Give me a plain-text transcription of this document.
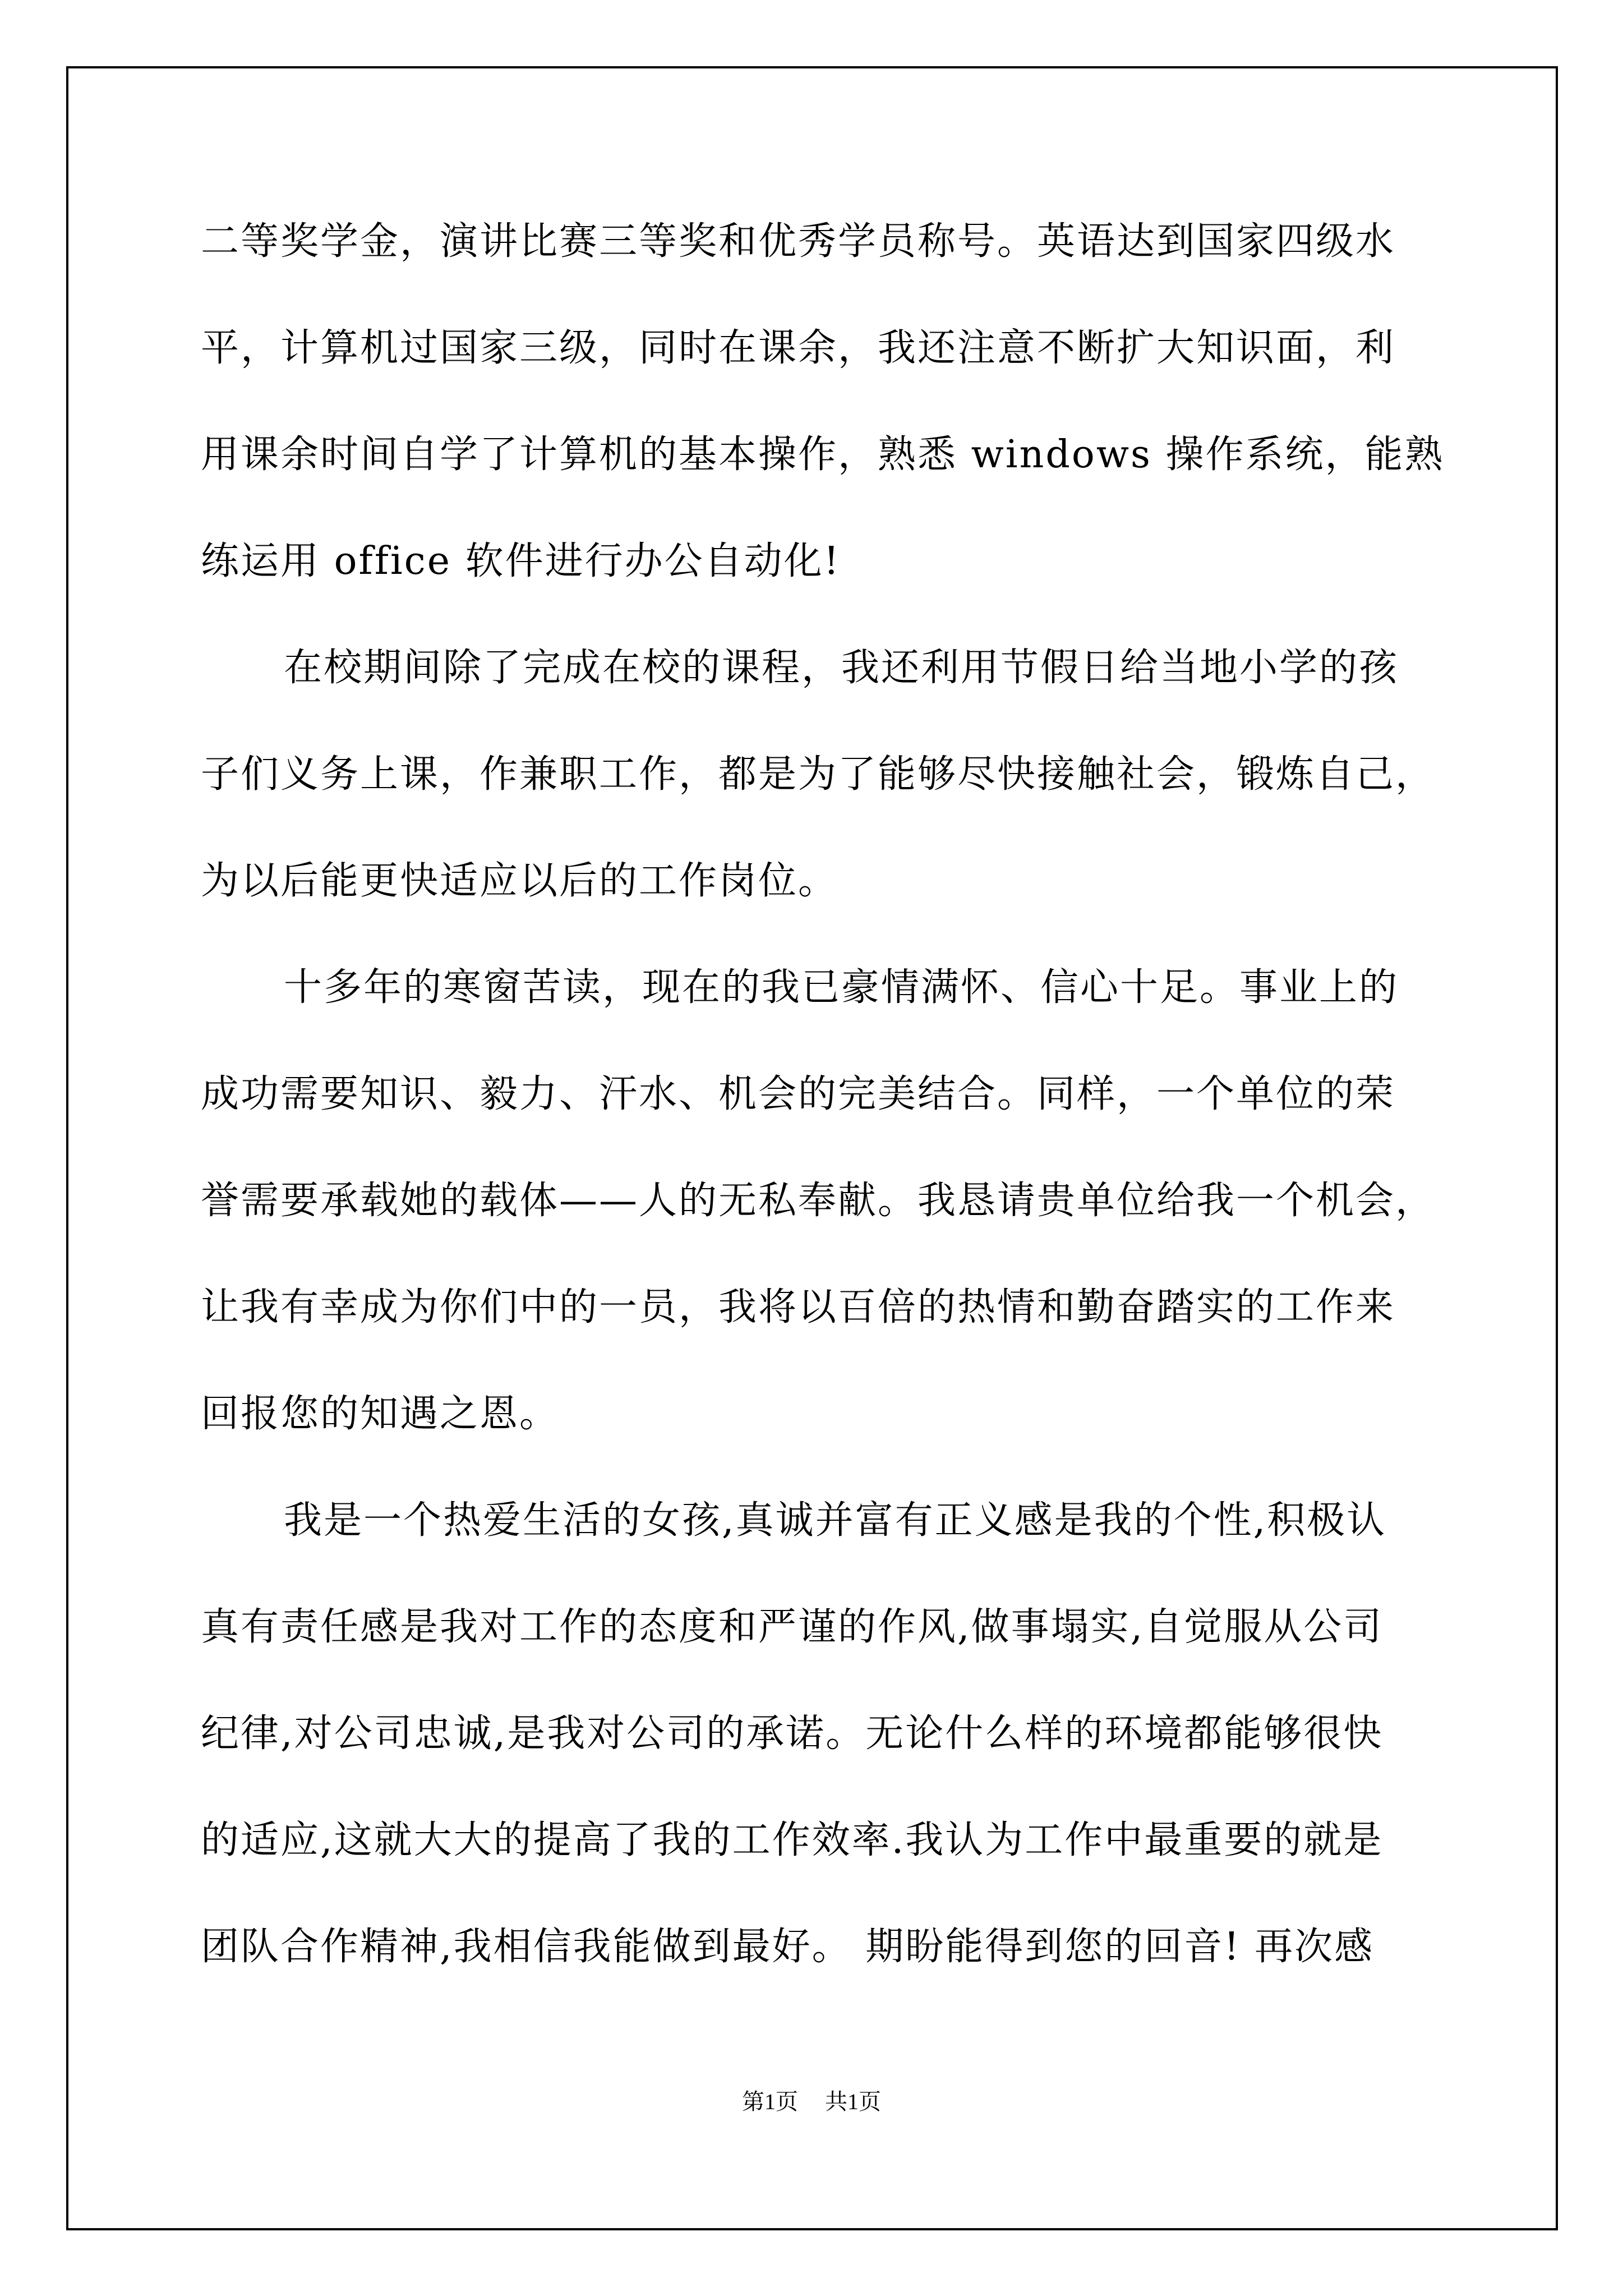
二等奖学金，演讲比赛三等奖和优秀学员称号。英语达到国家四级水
平，计算机过国家三级，同时在课余，我还注意不断扩大知识面，利
用课余时间自学了计算机的基本操作，熟悉 windows 操作系统，能熟
练运用 office 软件进行办公自动化!
在校期间除了完成在校的课程，我还利用节假日给当地小学的孩
子们义务上课，作兼职工作，都是为了能够尽快接触社会，锻炼自己，
为以后能更快适应以后的工作岗位。
十多年的寒窗苦读，现在的我已豪情满怀、信心十足。事业上的
成功需要知识、毅力、汗水、机会的完美结合。同样，一个单位的荣
誉需要承载她的载体——人的无私奉献。我恳请贵单位给我一个机会，
让我有幸成为你们中的一员，我将以百倍的热情和勤奋踏实的工作来
回报您的知遇之恩。
我是一个热爱生活的女孩,真诚并富有正义感是我的个性,积极认
真有责任感是我对工作的态度和严谨的作风,做事塌实,自觉服从公司
纪律,对公司忠诚,是我对公司的承诺。无论什么样的环境都能够很快
的适应,这就大大的提高了我的工作效率.我认为工作中最重要的就是
团队合作精神,我相信我能做到最好。 期盼能得到您的回音! 再次感
第1页 共1页
